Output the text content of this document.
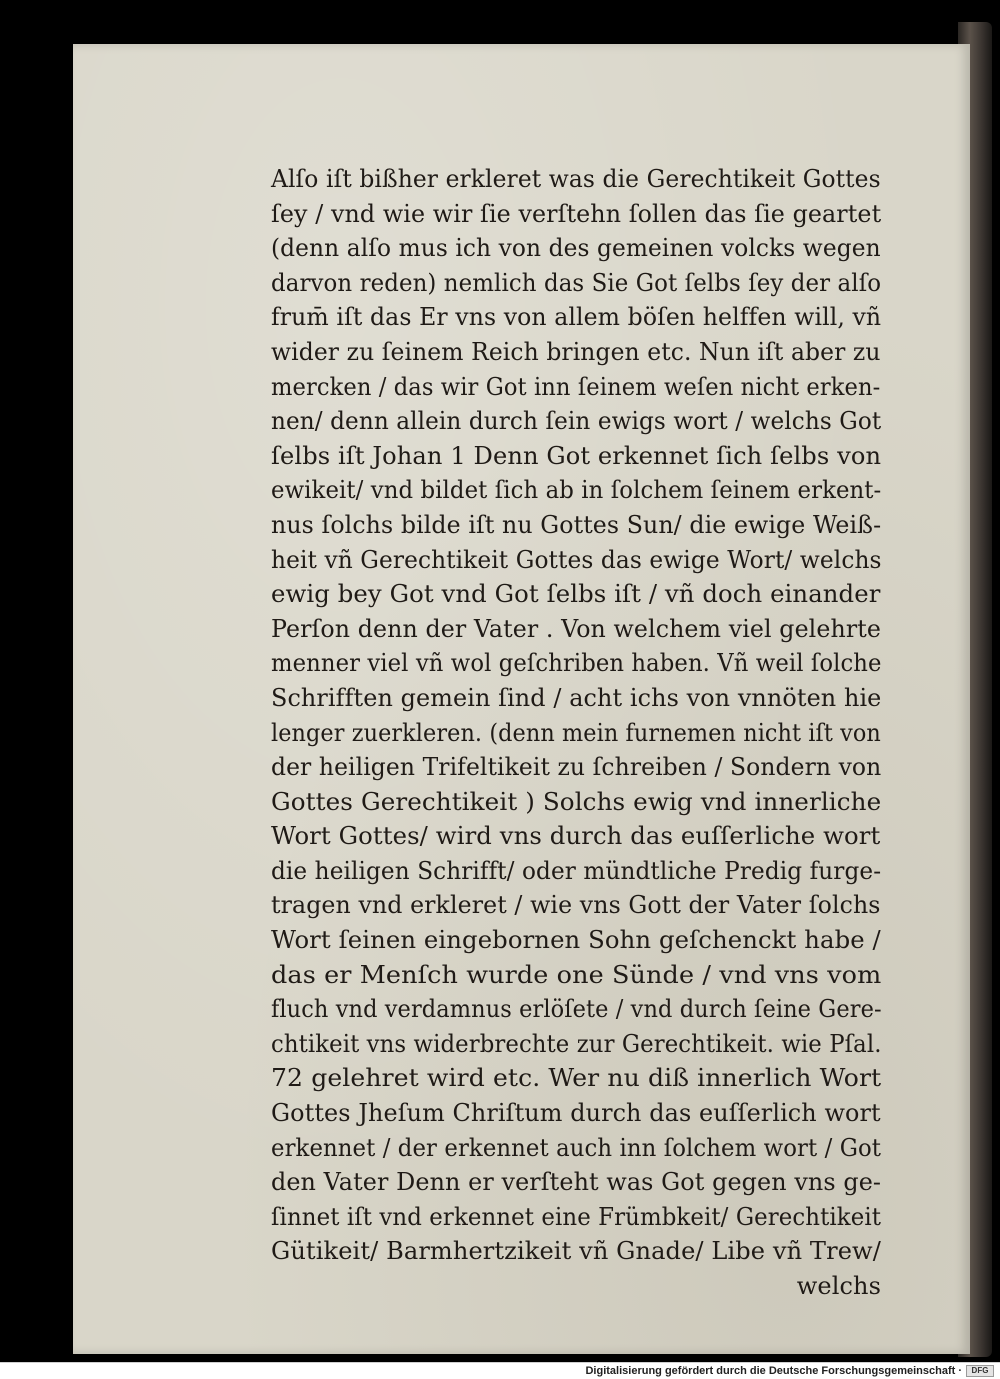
Alſo iſt bißher erkleret was die Gerechtikeit Gottes
ſey / vnd wie wir ſie verſtehn ſollen das ſie geartet
(denn alſo mus ich von des gemeinen volcks wegen
darvon reden) nemlich das Sie Got ſelbs ſey der alſo
frum̄ iſt das Er vns von allem böſen helffen will, vñ
wider zu ſeinem Reich bringen etc. Nun iſt aber zu
mercken / das wir Got inn ſeinem weſen nicht erken-
nen/ denn allein durch ſein ewigs wort / welchs Got
ſelbs iſt Johan 1 Denn Got erkennet ſich ſelbs von
ewikeit/ vnd bildet ſich ab in ſolchem ſeinem erkent-
nus ſolchs bilde iſt nu Gottes Sun/ die ewige Weiß-
heit vñ Gerechtikeit Gottes das ewige Wort/ welchs
ewig bey Got vnd Got ſelbs iſt / vñ doch einander
Perſon denn der Vater . Von welchem viel gelehrte
menner viel vñ wol geſchriben haben. Vñ weil ſolche
Schrifften gemein ſind / acht ichs von vnnöten hie
lenger zuerkleren. (denn mein furnemen nicht iſt von
der heiligen Trifeltikeit zu ſchreiben / Sondern von
Gottes Gerechtikeit ) Solchs ewig vnd innerliche
Wort Gottes/ wird vns durch das euſſerliche wort
die heiligen Schrifft/ oder mündtliche Predig furge-
tragen vnd erkleret / wie vns Gott der Vater ſolchs
Wort ſeinen eingebornen Sohn geſchenckt habe /
das er Menſch wurde one Sünde / vnd vns vom
fluch vnd verdamnus erlöſete / vnd durch ſeine Gere-
chtikeit vns widerbrechte zur Gerechtikeit. wie Pſal.
72 gelehret wird etc. Wer nu diß innerlich Wort
Gottes Jheſum Chriſtum durch das euſſerlich wort
erkennet / der erkennet auch inn ſolchem wort / Got
den Vater Denn er verſteht was Got gegen vns ge-
ſinnet iſt vnd erkennet eine Frümbkeit/ Gerechtikeit
Gütikeit/ Barmhertzikeit vñ Gnade/ Libe vñ Trew/
welchs
Digitalisierung gefördert durch die Deutsche Forschungsgemeinschaft ·	DFG
